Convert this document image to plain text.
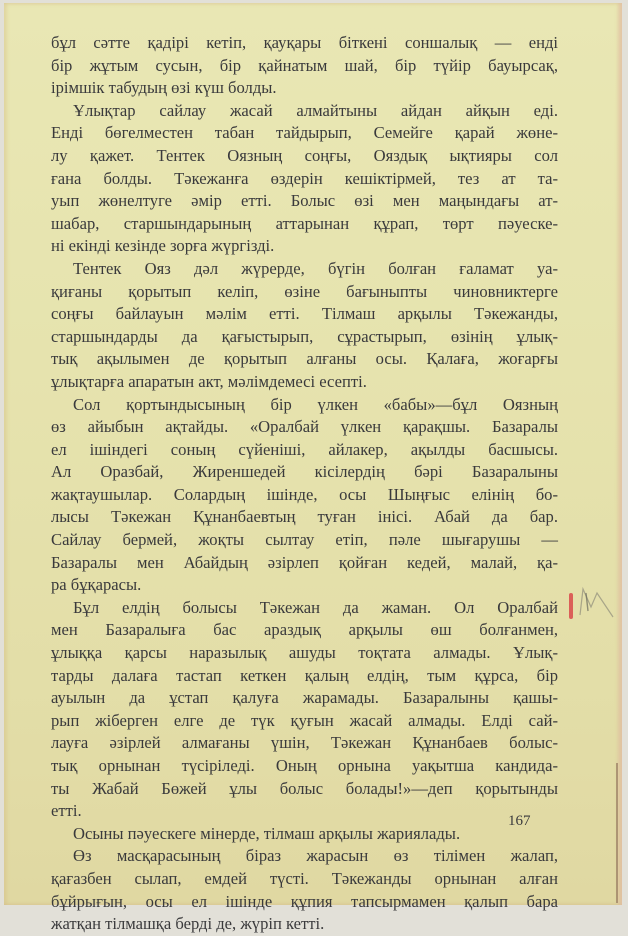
бұл сәтте қадірі кетіп, қауқары біткені соншалық — енді
бір жұтым сусын, бір қайнатым шай, бір түйір бауырсақ,
ірімшік табудың өзі күш болды.
Ұлықтар сайлау жасай алмайтыны айдан айқын еді.
Енді бөгелместен табан тайдырып, Семейге қарай жөне-
лу қажет. Тентек Оязның соңғы, Ояздық ықтияры сол
ғана болды. Тәкежанға өздерін кешіктірмей, тез ат та-
уып жөнелтуге әмір етті. Болыс өзі мен маңындағы ат-
шабар, старшындарының аттарынан құрап, төрт пәуеске-
ні екінді кезінде зорға жүргізді.
Тентек Ояз дәл жүрерде, бүгін болған ғаламат уа-
қиғаны қорытып келіп, өзіне бағыныпты чиновниктерге
соңғы байлауын мәлім етті. Тілмаш арқылы Тәкежанды,
старшындарды да қағыстырып, сұрастырып, өзінің ұлық-
тық ақылымен де қорытып алғаны осы. Қалаға, жоғарғы
ұлықтарға апаратын акт, мәлімдемесі есепті.
Сол қортындысының бір үлкен «бабы»—бұл Оязның
өз айыбын ақтайды. «Оралбай үлкен қарақшы. Базаралы
ел ішіндегі соның сүйеніші, айлакер, ақылды басшысы.
Ал Оразбай, Жиреншедей кісілердің бәрі Базаралыны
жақтаушылар. Солардың ішінде, осы Шыңғыс елінің бо-
лысы Тәкежан Құнанбаевтың туған інісі. Абай да бар.
Сайлау бермей, жоқты сылтау етіп, пәле шығарушы —
Базаралы мен Абайдың әзірлеп қойған кедей, малай, қа-
ра бұқарасы.
Бұл елдің болысы Тәкежан да жаман. Ол Оралбай
мен Базаралыға бас араздық арқылы өш болғанмен,
ұлыққа қарсы наразылық ашуды тоқтата алмады. Ұлық-
тарды далаға тастап кеткен қалың елдің, тым құрса, бір
ауылын да ұстап қалуға жарамады. Базаралыны қашы-
рып жіберген елге де түк қуғын жасай алмады. Елді сай-
лауға әзірлей алмағаны үшін, Тәкежан Құнанбаев болыс-
тық орнынан түсіріледі. Оның орнына уақытша кандида-
ты Жабай Бөжей ұлы болыс болады!»—деп қорытынды
етті.
Осыны пәуескеге мінерде, тілмаш арқылы жариялады.
Өз масқарасының біраз жарасын өз тілімен жалап,
қағазбен сылап, емдей түсті. Тәкежанды орнынан алған
бұйрығын, осы ел ішінде құпия тапсырмамен қалып бара
жатқан тілмашқа берді де, жүріп кетті.
167
